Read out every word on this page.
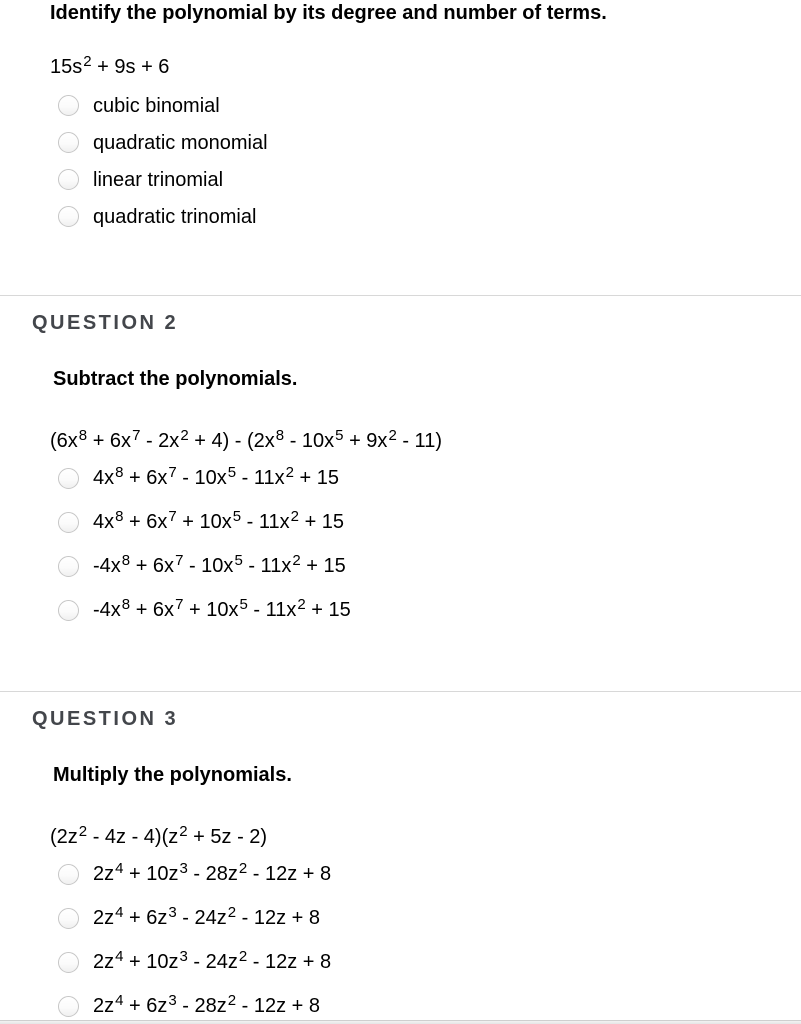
Identify the polynomial by its degree and number of terms.
$15s^2 + 9s + 6$
cubic binomial
quadratic monomial
linear trinomial
quadratic trinomial
QUESTION 2
Subtract the polynomials.
$(6x^8 + 6x^7 - 2x^2 + 4) - (2x^8 - 10x^5 + 9x^2 - 11)$
$4x^8 + 6x^7 - 10x^5 - 11x^2 + 15$
$4x^8 + 6x^7 + 10x^5 - 11x^2 + 15$
$-4x^8 + 6x^7 - 10x^5 - 11x^2 + 15$
$-4x^8 + 6x^7 + 10x^5 - 11x^2 + 15$
QUESTION 3
Multiply the polynomials.
$(2z^2 - 4z - 4)(z^2 + 5z - 2)$
$2z^4 + 10z^3 - 28z^2 - 12z + 8$
$2z^4 + 6z^3 - 24z^2 - 12z + 8$
$2z^4 + 10z^3 - 24z^2 - 12z + 8$
$2z^4 + 6z^3 - 28z^2 - 12z + 8$
